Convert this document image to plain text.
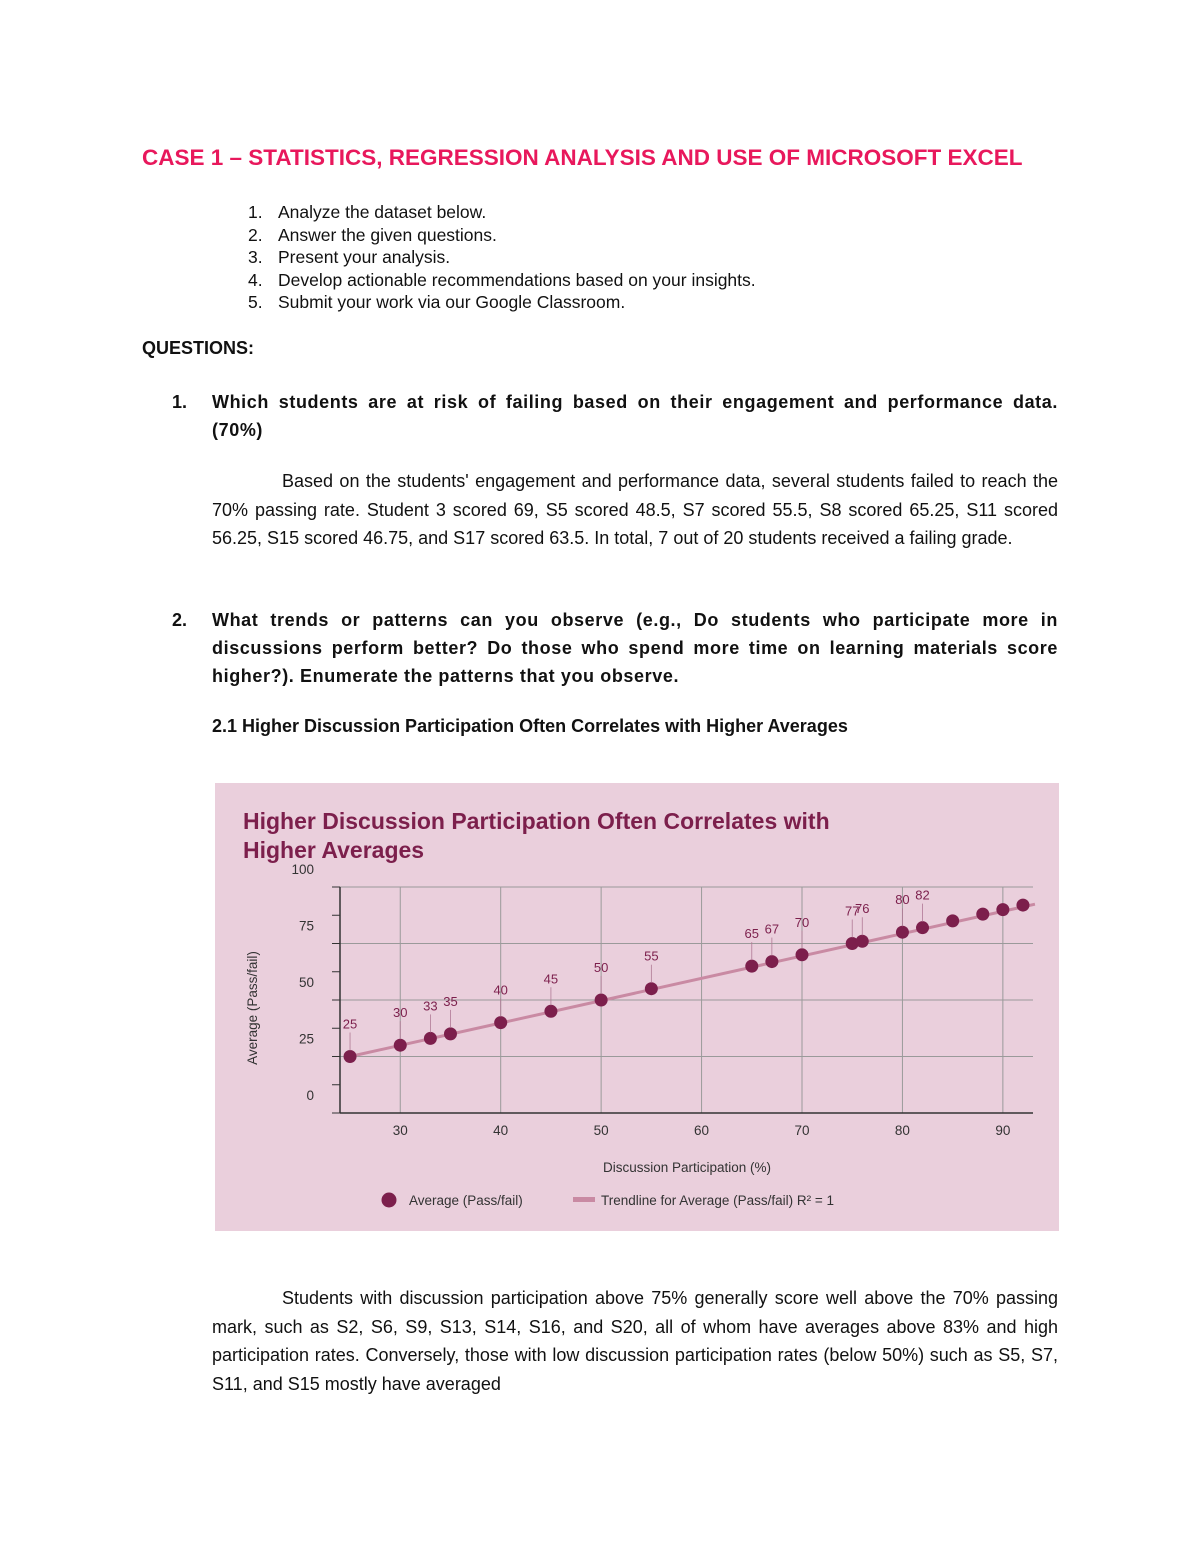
CASE 1 – STATISTICS, REGRESSION ANALYSIS AND USE OF MICROSOFT EXCEL
1. Analyze the dataset below.
2. Answer the given questions.
3. Present your analysis.
4. Develop actionable recommendations based on your insights.
5. Submit your work via our Google Classroom.

QUESTIONS:

1. Which students are at risk of failing based on their engagement and performance data. (70%)

Based on the students' engagement and performance data, several students failed to reach the 70% passing rate. Student 3 scored 69, S5 scored 48.5, S7 scored 55.5, S8 scored 65.25, S11 scored 56.25, S15 scored 46.75, and S17 scored 63.5. In total, 7 out of 20 students received a failing grade.

2. What trends or patterns can you observe (e.g., Do students who participate more in discussions perform better? Do those who spend more time on learning materials score higher?). Enumerate the patterns that you observe.

2.1 Higher Discussion Participation Often Correlates with Higher Averages

Higher Discussion Participation Often Correlates with
Higher Averages
0
25
50
75
100
30	40	50	60	70	80	90
25
30 33 35
40
45
50
55
65 67 70
77
76
80 82
Discussion Participation (%)
Average (Pass/fail)
Average (Pass/fail)	Trendline for Average (Pass/fail) R² = 1

Students with discussion participation above 75% generally score well above the 70% passing mark, such as S2, S6, S9, S13, S14, S16, and S20, all of whom have averages above 83% and high participation rates. Conversely, those with low discussion participation rates (below 50%) such as S5, S7, S11, and S15 mostly have averaged
